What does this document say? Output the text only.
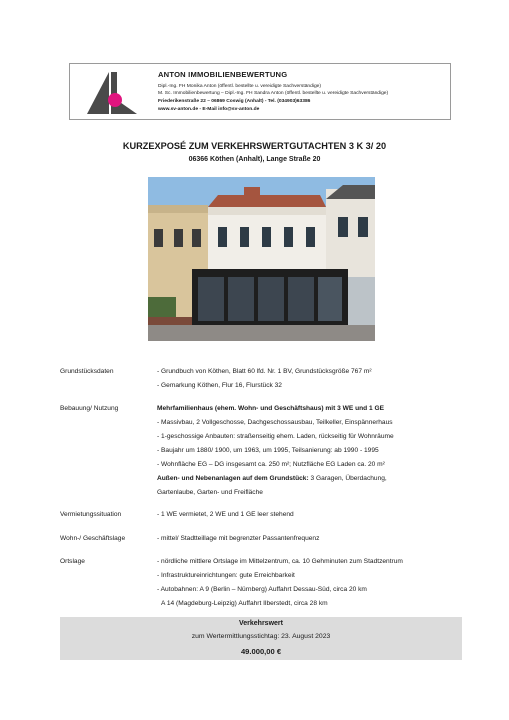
ANTON IMMOBILIENBEWERTUNG
Dipl.-Ing. FH Monika Anton (öffentl. bestellte u. vereidigte Sachverständige)
M. Sc. Immobilienbewertung – Dipl.-Ing. FH Sandra Anton (öffentl. bestellte u. vereidigte Sachverständige)
Friederikenstraße 22 – 06869 Coswig (Anhalt) - Tel. (034903)63386
www.sv-anton.de - E-Mail info@sv-anton.de
KURZEXPOSÉ ZUM VERKEHRSWERTGUTACHTEN 3 K 3/ 20
06366 Köthen (Anhalt), Lange Straße 20
Grundstücksdaten	- Grundbuch von Köthen, Blatt 60 lfd. Nr. 1 BV, Grundstücksgröße 767 m²
- Gemarkung Köthen, Flur 16, Flurstück 32
Bebauung/ Nutzung	Mehrfamilienhaus (ehem. Wohn- und Geschäftshaus) mit 3 WE und 1 GE
- Massivbau, 2 Vollgeschosse, Dachgeschossausbau, Teilkeller, Einspännerhaus
- 1-geschossige Anbauten: straßenseitig ehem. Laden, rückseitig für Wohnräume
- Baujahr um 1880/ 1900, um 1963, um 1995, Teilsanierung: ab 1990 - 1995
- Wohnfläche EG – DG insgesamt ca. 250 m²; Nutzfläche EG Laden ca. 20 m²
Außen- und Nebenanlagen auf dem Grundstück: 3 Garagen, Überdachung,
Gartenlaube, Garten- und Freifläche
Vermietungssituation	- 1 WE vermietet, 2 WE und 1 GE leer stehend
Wohn-/ Geschäftslage	- mittel/ Stadtteillage mit begrenzter Passantenfrequenz
Ortslage	- nördliche mittlere Ortslage im Mittelzentrum, ca. 10 Gehminuten zum Stadtzentrum
- Infrastruktureinrichtungen: gute Erreichbarkeit
- Autobahnen: A 9 (Berlin – Nürnberg) Auffahrt Dessau-Süd, circa 20 km
A 14 (Magdeburg-Leipzig) Auffahrt Ilberstedt, circa 28 km
Verkehrswert
zum Wertermittlungsstichtag: 23. August 2023
49.000,00 €
